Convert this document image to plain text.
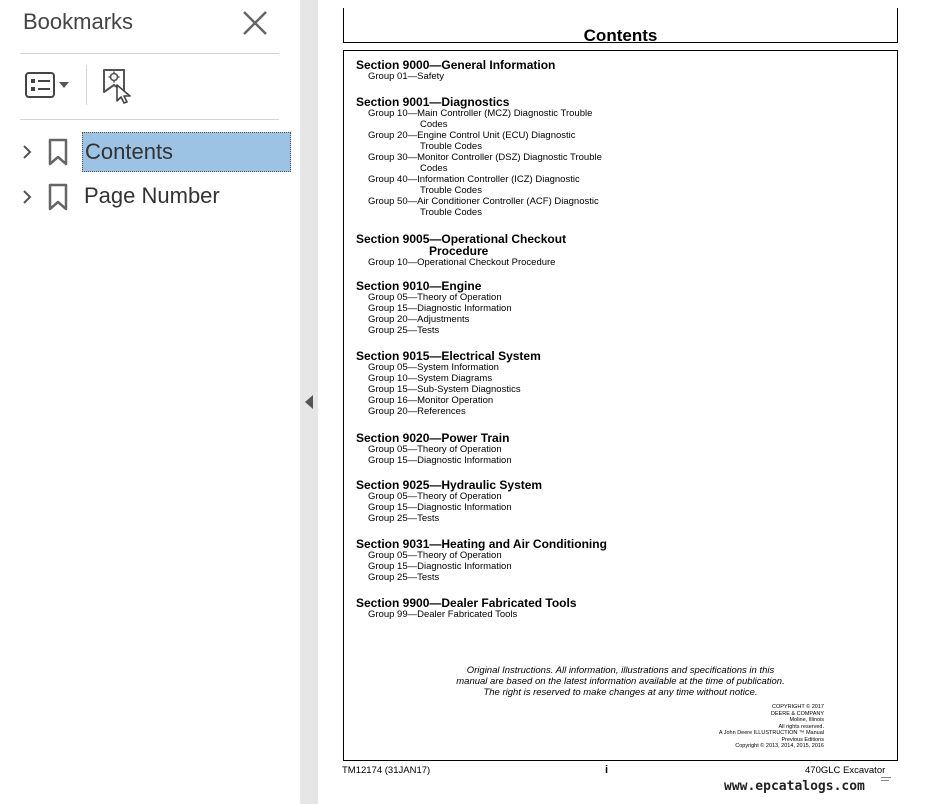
Bookmarks
Contents
Page Number
Contents
Section 9000—General Information
Group 01—Safety
Section 9001—Diagnostics
Group 10—Main Controller (MCZ) Diagnostic Trouble
Codes
Group 20—Engine Control Unit (ECU) Diagnostic
Trouble Codes
Group 30—Monitor Controller (DSZ) Diagnostic Trouble
Codes
Group 40—Information Controller (ICZ) Diagnostic
Trouble Codes
Group 50—Air Conditioner Controller (ACF) Diagnostic
Trouble Codes
Section 9005—Operational Checkout
Procedure
Group 10—Operational Checkout Procedure
Section 9010—Engine
Group 05—Theory of Operation
Group 15—Diagnostic Information
Group 20—Adjustments
Group 25—Tests
Section 9015—Electrical System
Group 05—System Information
Group 10—System Diagrams
Group 15—Sub-System Diagnostics
Group 16—Monitor Operation
Group 20—References
Section 9020—Power Train
Group 05—Theory of Operation
Group 15—Diagnostic Information
Section 9025—Hydraulic System
Group 05—Theory of Operation
Group 15—Diagnostic Information
Group 25—Tests
Section 9031—Heating and Air Conditioning
Group 05—Theory of Operation
Group 15—Diagnostic Information
Group 25—Tests
Section 9900—Dealer Fabricated Tools
Group 99—Dealer Fabricated Tools
Original Instructions. All information, illustrations and specifications in this
manual are based on the latest information available at the time of publication.
The right is reserved to make changes at any time without notice.
COPYRIGHT © 2017
DEERE & COMPANY
Moline, Illinois
All rights reserved.
A John Deere ILLUSTRUCTION ™ Manual
Previous Editions
Copyright © 2013, 2014, 2015, 2016
TM12174 (31JAN17)	i	470GLC Excavator
www.epcatalogs.com
